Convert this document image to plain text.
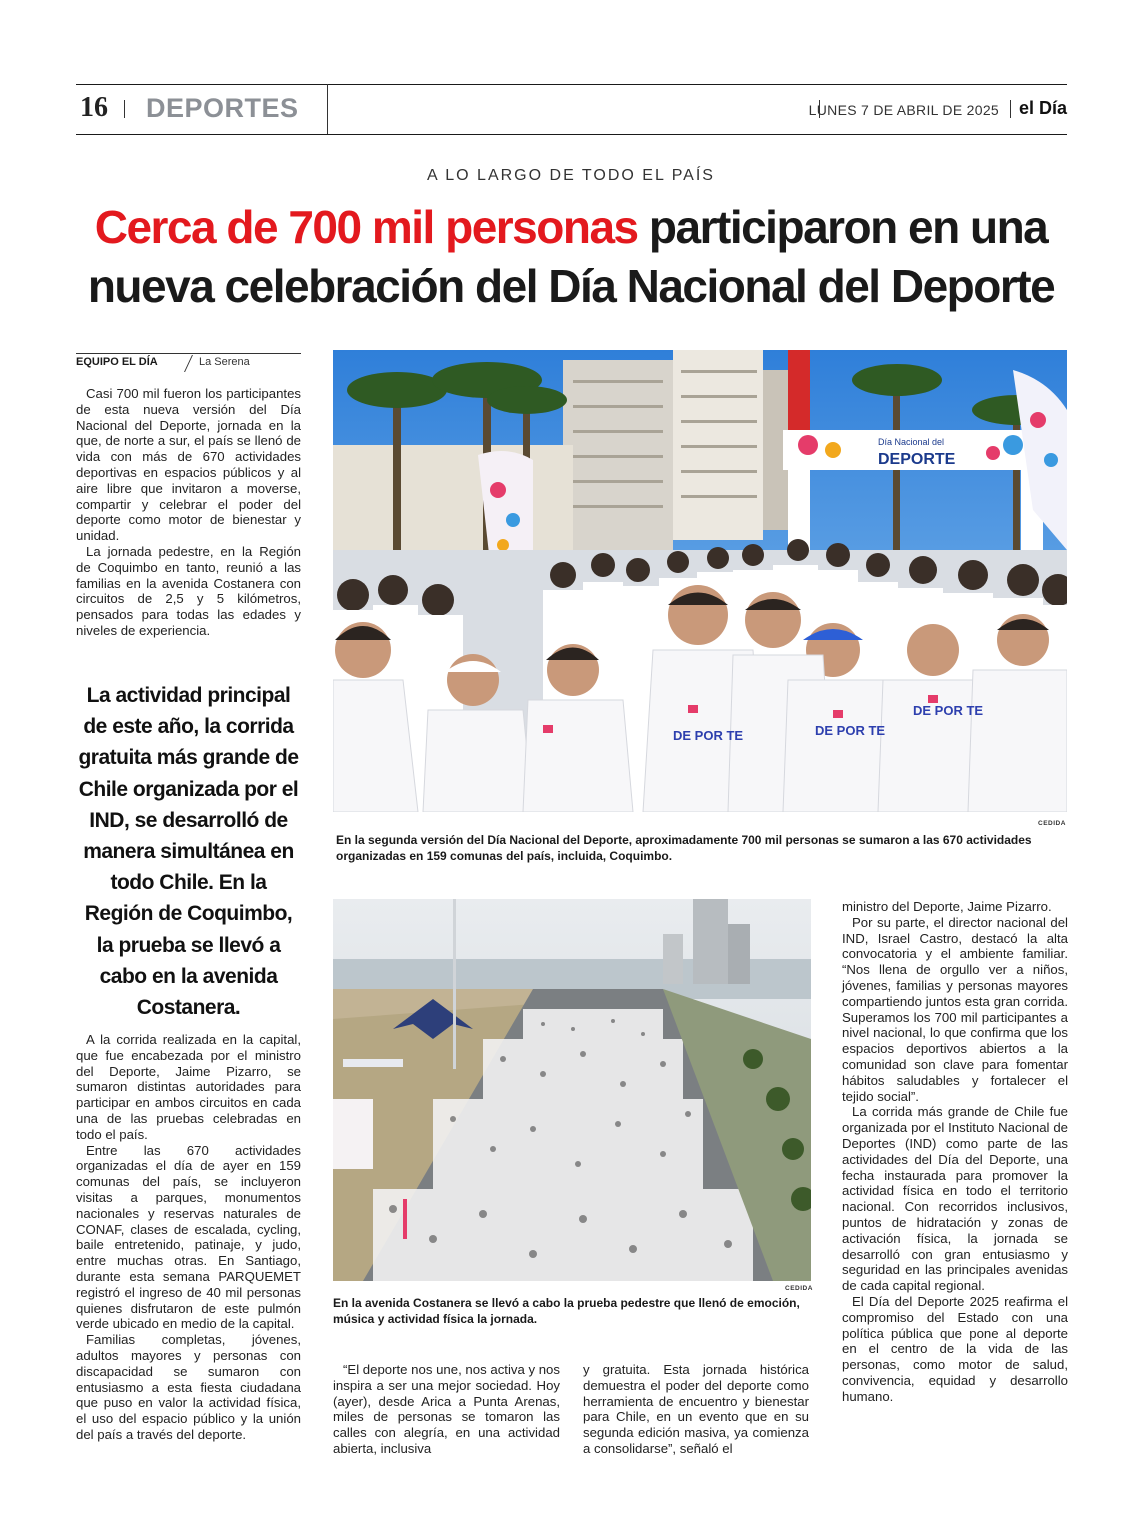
16 DEPORTES	LUNES 7 DE ABRIL DE 2025 el Día
A LO LARGO DE TODO EL PAÍS
Cerca de 700 mil personas participaron en una nueva celebración del Día Nacional del Deporte
EQUIPO EL DÍA	La Serena

Casi 700 mil fueron los participantes de esta nueva versión del Día Nacional del Deporte, jornada en la que, de norte a sur, el país se llenó de vida con más de 670 actividades deportivas en espacios públicos y al aire libre que invitaron a moverse, compartir y celebrar el poder del deporte como motor de bienestar y unidad.

La jornada pedestre, en la Región de Coquimbo en tanto, reunió a las familias en la avenida Costanera con circuitos de 2,5 y 5 kilómetros, pensados para todas las edades y niveles de experiencia.

La actividad principal de este año, la corrida gratuita más grande de Chile organizada por el IND, se desarrolló de manera simultánea en todo Chile. En la Región de Coquimbo, la prueba se llevó a cabo en la avenida Costanera.

A la corrida realizada en la capital, que fue encabezada por el ministro del Deporte, Jaime Pizarro, se sumaron distintas autoridades para participar en ambos circuitos en cada una de las pruebas celebradas en todo el país.

Entre las 670 actividades organizadas el día de ayer en 159 comunas del país, se incluyeron visitas a parques, monumentos nacionales y reservas naturales de CONAF, clases de escalada, cycling, baile entretenido, patinaje, y judo, entre muchas otras. En Santiago, durante esta semana PARQUEMET registró el ingreso de 40 mil personas quienes disfrutaron de este pulmón verde ubicado en medio de la capital.

Familias completas, jóvenes, adultos mayores y personas con discapacidad se sumaron con entusiasmo a esta fiesta ciudadana que puso en valor la actividad física, el uso del espacio público y la unión del país a través del deporte.

Día Nacional del
DEPORTE
DE POR TE	DE POR TE
DE POR TE
CEDIDA
En la segunda versión del Día Nacional del Deporte, aproximadamente 700 mil personas se sumaron a las 670 actividades organizadas en 159 comunas del país, incluida, Coquimbo.
CEDIDA
En la avenida Costanera se llevó a cabo la prueba pedestre que llenó de emoción, música y actividad física la jornada.

“El deporte nos une, nos activa y nos inspira a ser una mejor sociedad. Hoy (ayer), desde Arica a Punta Arenas, miles de personas se tomaron las calles con alegría, en una actividad abierta, inclusiva

y gratuita. Esta jornada histórica demuestra el poder del deporte como herramienta de encuentro y bienestar para Chile, en un evento que en su segunda edición masiva, ya comienza a consolidarse”, señaló el

ministro del Deporte, Jaime Pizarro.

Por su parte, el director nacional del IND, Israel Castro, destacó la alta convocatoria y el ambiente familiar. “Nos llena de orgullo ver a niños, jóvenes, familias y personas mayores compartiendo juntos esta gran corrida. Superamos los 700 mil participantes a nivel nacional, lo que confirma que los espacios deportivos abiertos a la comunidad son clave para fomentar hábitos saludables y fortalecer el tejido social”.

La corrida más grande de Chile fue organizada por el Instituto Nacional de Deportes (IND) como parte de las actividades del Día del Deporte, una fecha instaurada para promover la actividad física en todo el territorio nacional. Con recorridos inclusivos, puntos de hidratación y zonas de activación física, la jornada se desarrolló con gran entusiasmo y seguridad en las principales avenidas de cada capital regional.

El Día del Deporte 2025 reafirma el compromiso del Estado con una política pública que pone al deporte en el centro de la vida de las personas, como motor de salud, convivencia, equidad y desarrollo humano.
